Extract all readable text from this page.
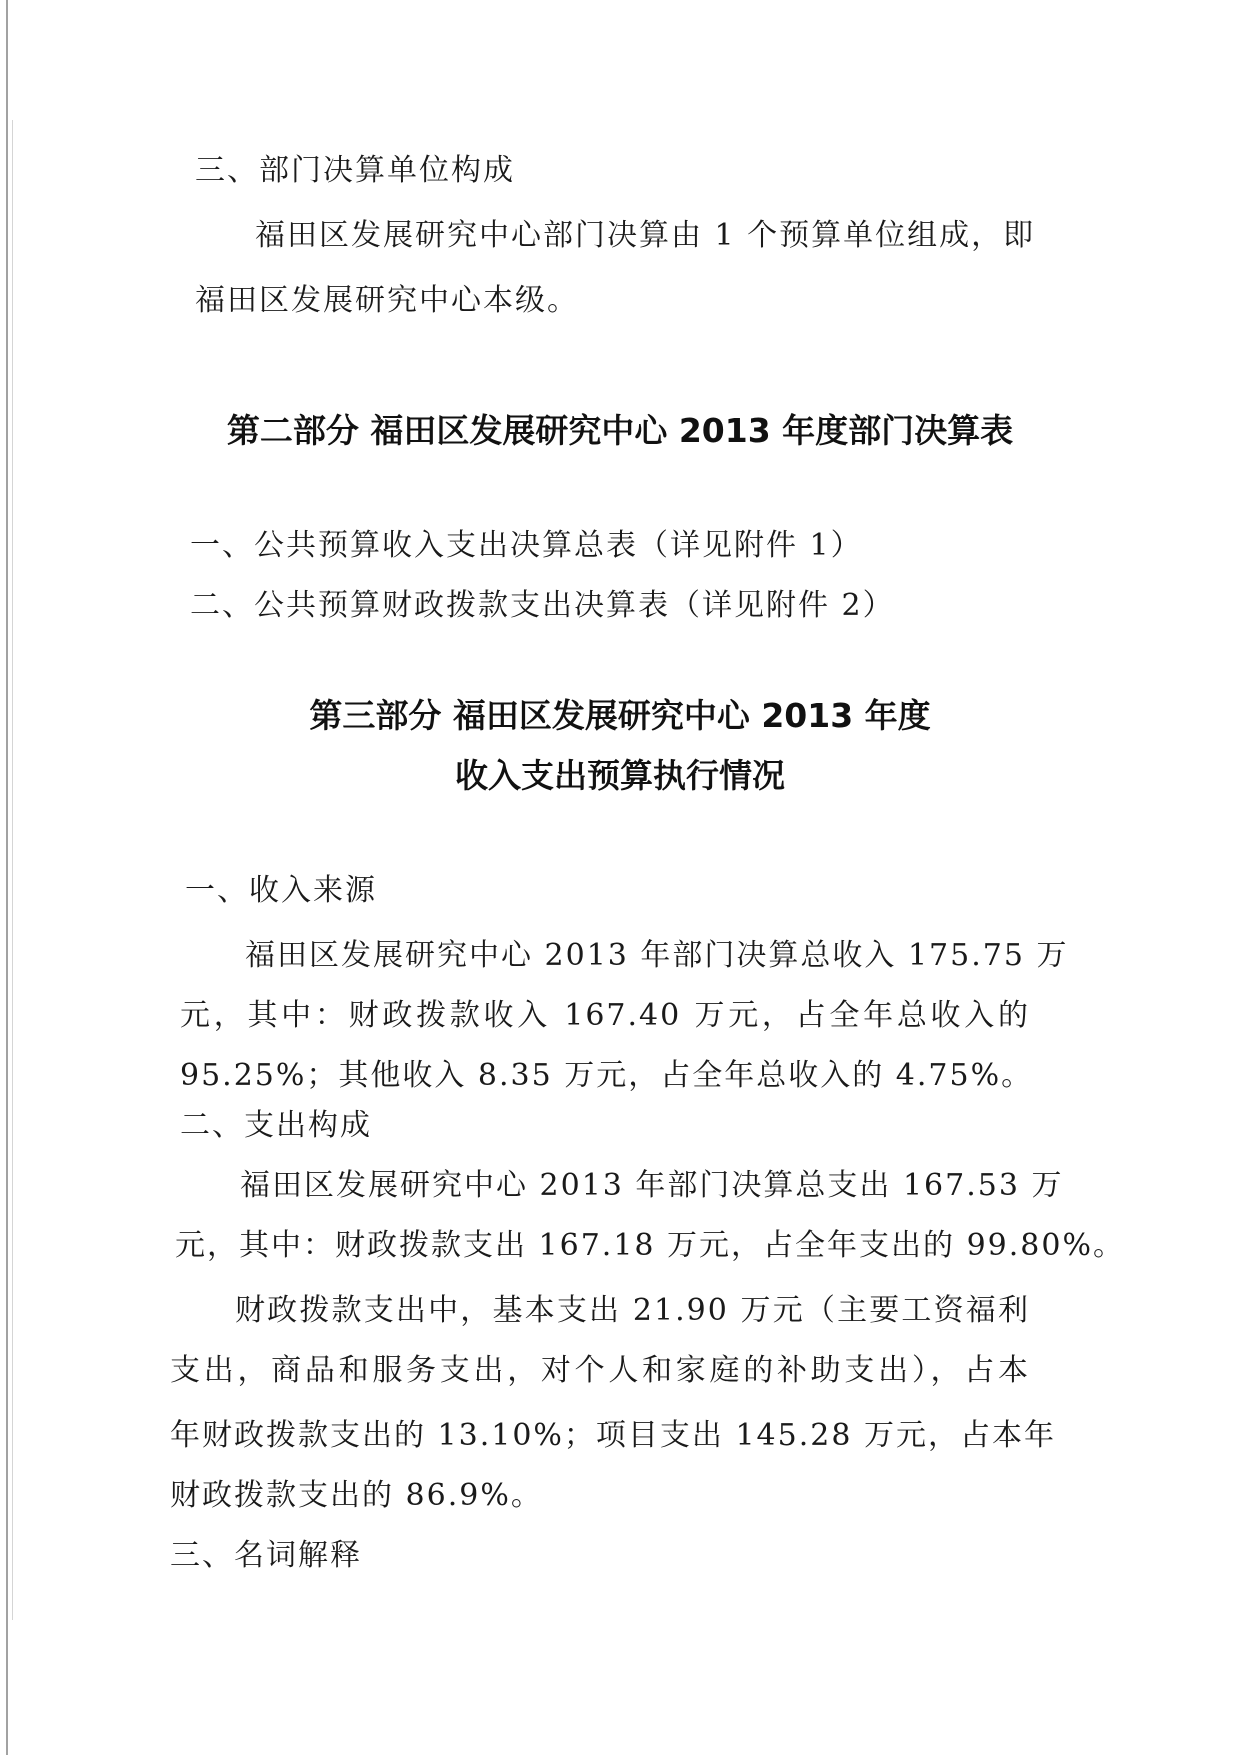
三、部门决算单位构成
福田区发展研究中心部门决算由 1 个预算单位组成，即
福田区发展研究中心本级。
第二部分 福田区发展研究中心 2013 年度部门决算表
一、公共预算收入支出决算总表（详见附件 1）
二、公共预算财政拨款支出决算表（详见附件 2）
第三部分 福田区发展研究中心 2013 年度
收入支出预算执行情况
一、收入来源
福田区发展研究中心 2013 年部门决算总收入 175.75 万
元，其中：财政拨款收入 167.40 万元，占全年总收入的
95.25%；其他收入 8.35 万元，占全年总收入的 4.75%。
二、支出构成
福田区发展研究中心 2013 年部门决算总支出 167.53 万
元，其中：财政拨款支出 167.18 万元，占全年支出的 99.80%。
财政拨款支出中，基本支出 21.90 万元（主要工资福利
支出，商品和服务支出，对个人和家庭的补助支出），占本
年财政拨款支出的 13.10%；项目支出 145.28 万元，占本年
财政拨款支出的 86.9%。
三、名词解释
